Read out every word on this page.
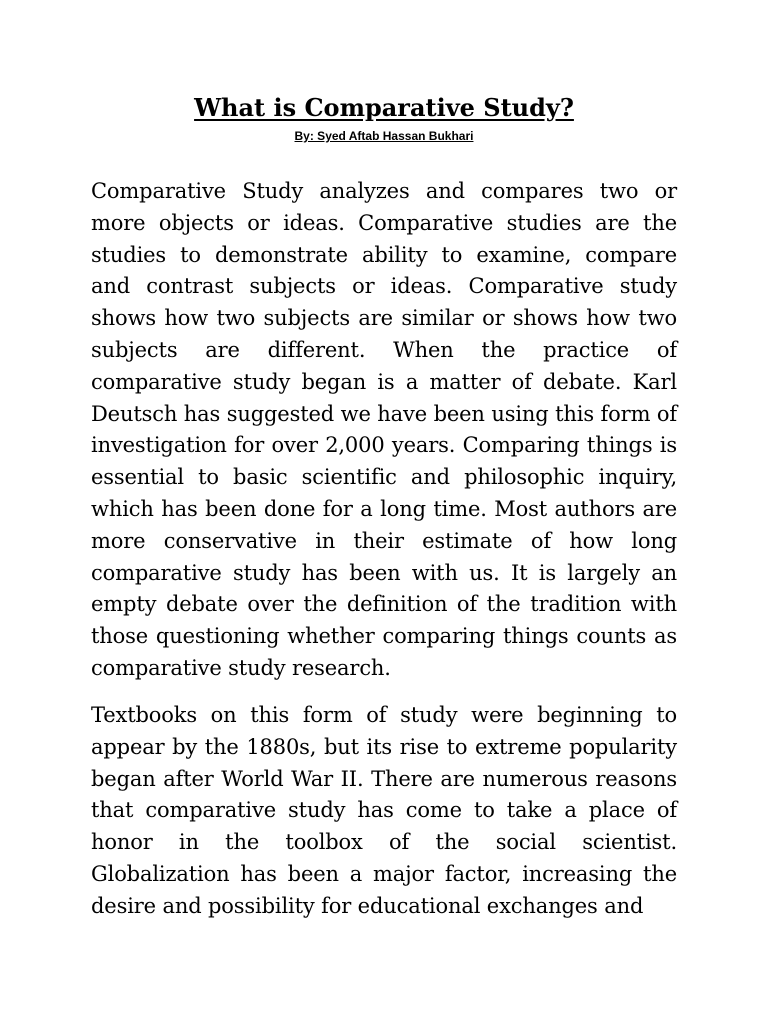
What is Comparative Study?

By: Syed Aftab Hassan Bukhari

Comparative Study analyzes and compares two or more objects or ideas. Comparative studies are the studies to demonstrate ability to examine, compare and contrast subjects or ideas. Comparative study shows how two subjects are similar or shows how two subjects are different. When the practice of comparative study began is a matter of debate. Karl Deutsch has suggested we have been using this form of investigation for over 2,000 years. Comparing things is essential to basic scientific and philosophic inquiry, which has been done for a long time. Most authors are more conservative in their estimate of how long comparative study has been with us. It is largely an empty debate over the definition of the tradition with those questioning whether comparing things counts as comparative study research.

Textbooks on this form of study were beginning to appear by the 1880s, but its rise to extreme popularity began after World War II. There are numerous reasons that comparative study has come to take a place of honor in the toolbox of the social scientist. Globalization has been a major factor, increasing the desire and possibility for educational exchanges and
